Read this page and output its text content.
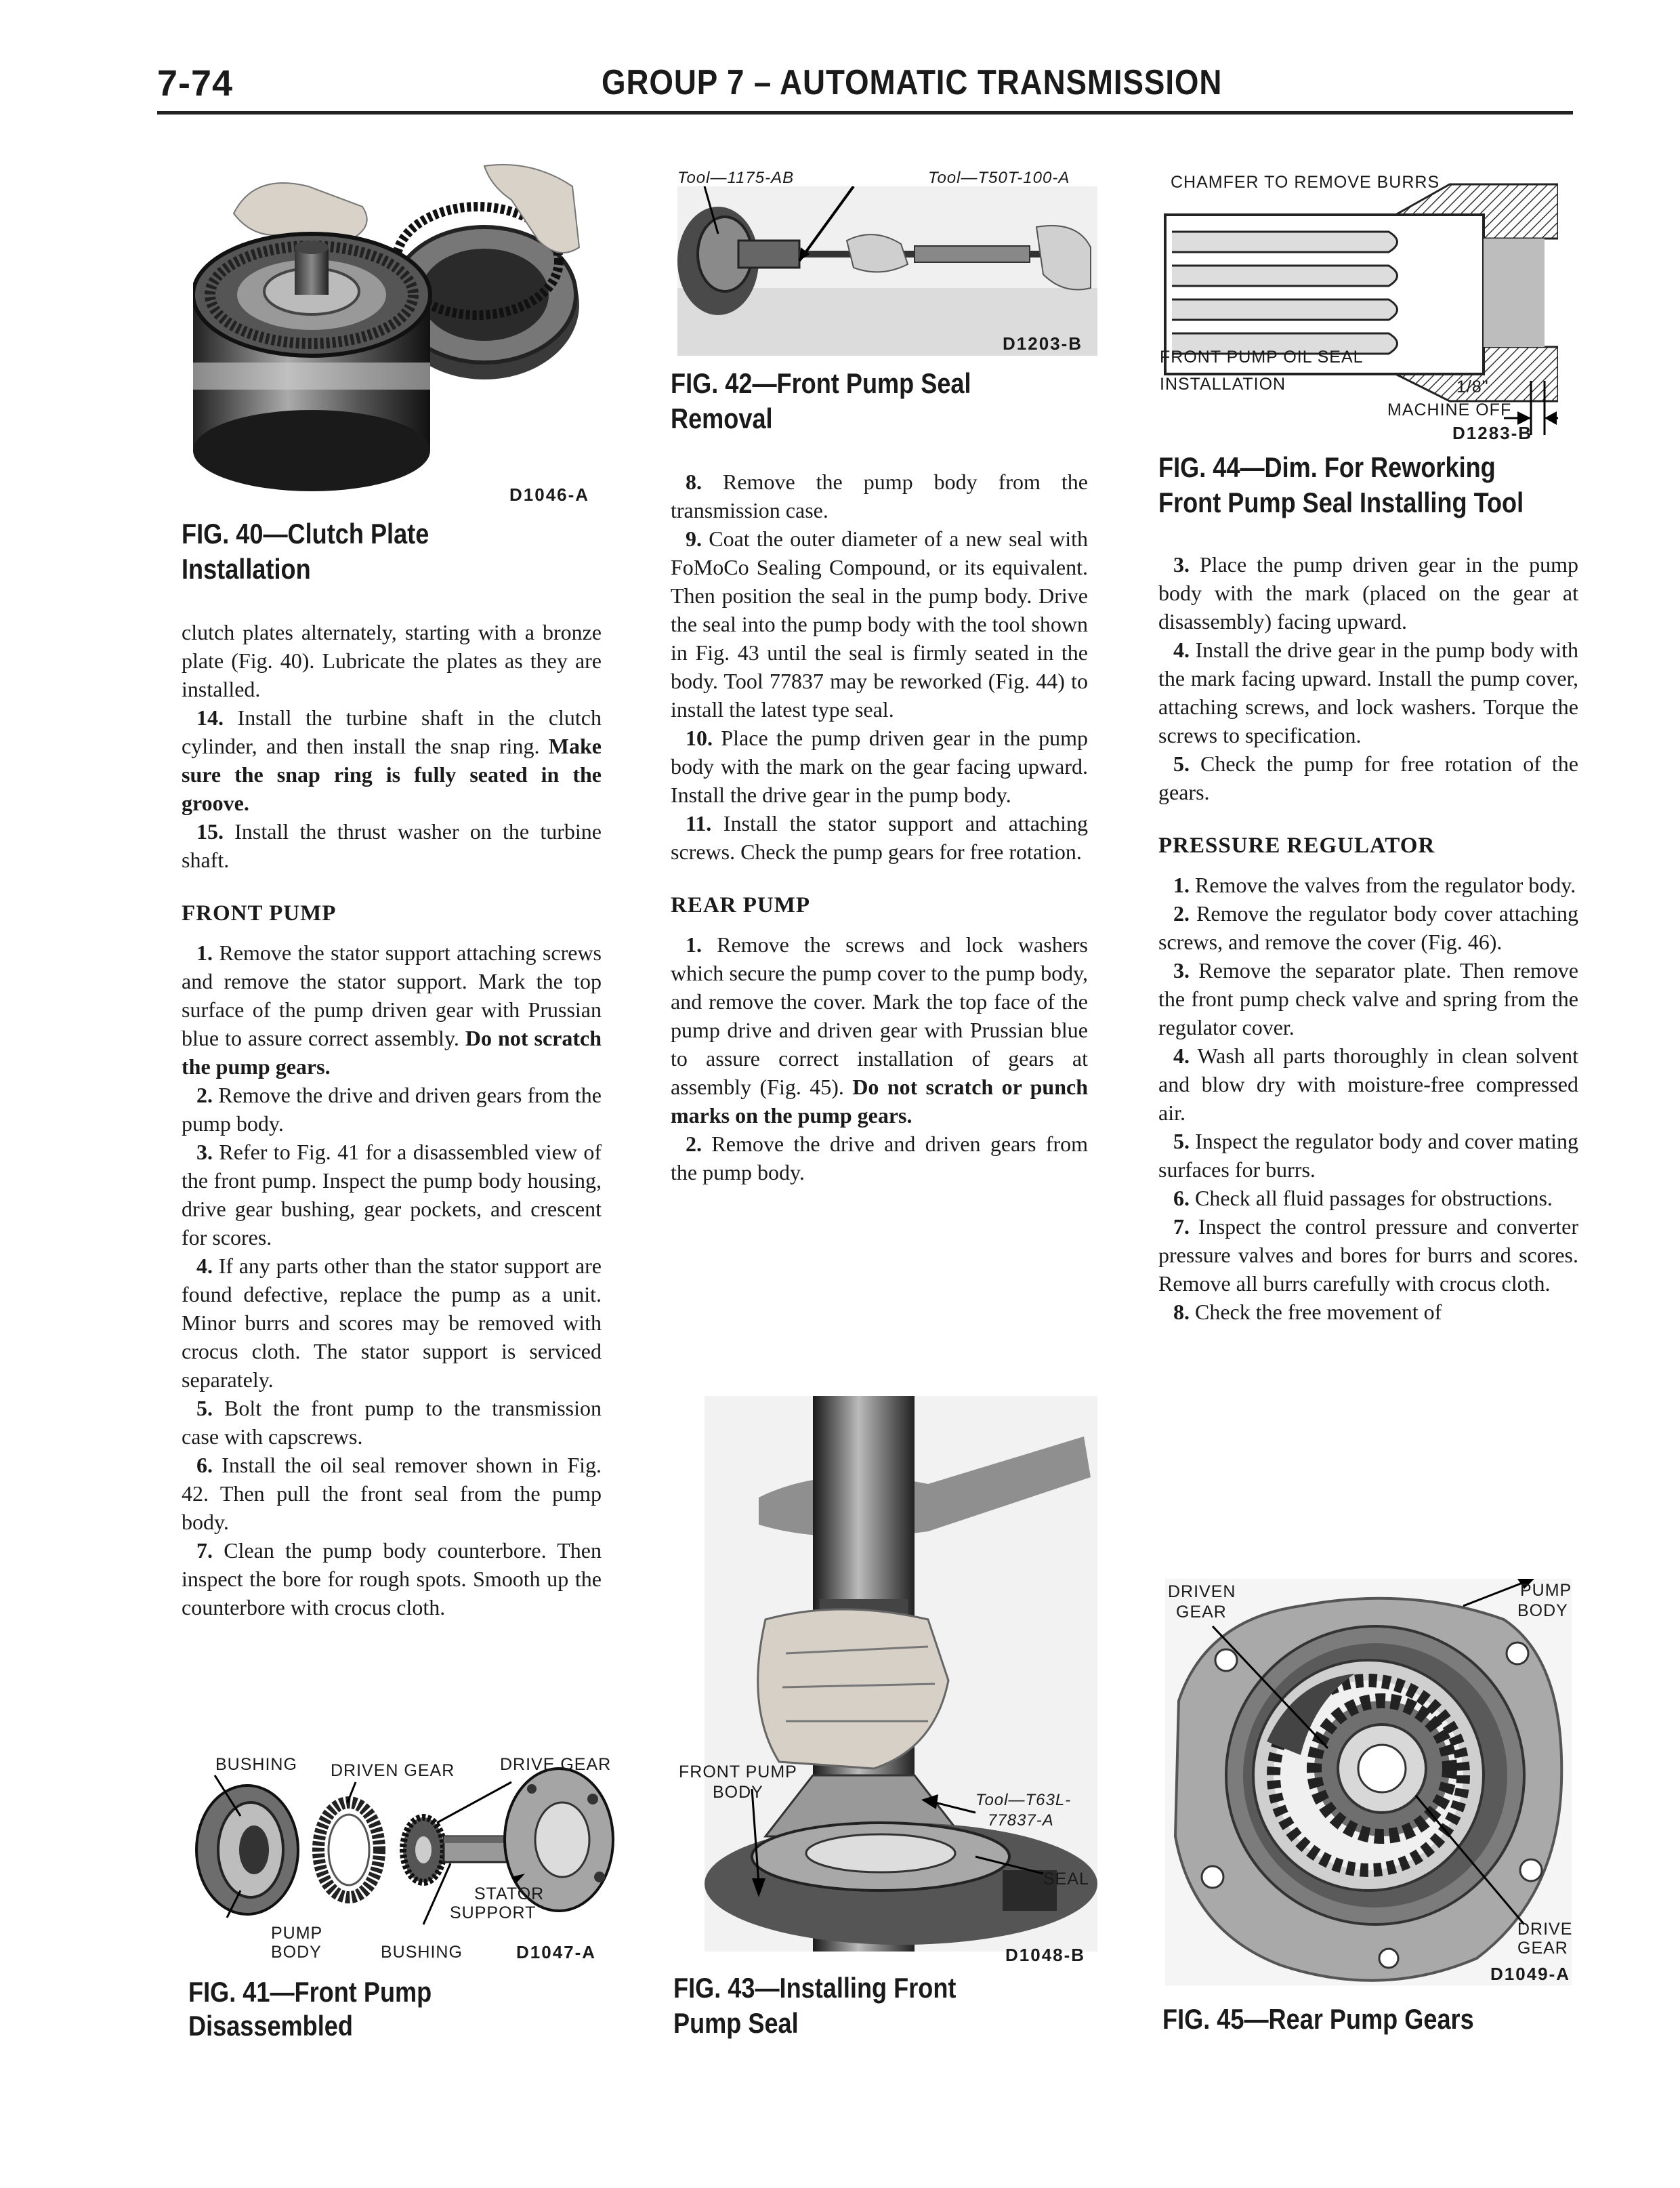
7-74	GROUP 7 – AUTOMATIC TRANSMISSION
D1046-A
FIG. 40—Clutch Plate
Installation

clutch plates alternately, starting with a bronze plate (Fig. 40). Lubricate the plates as they are installed.

14. Install the turbine shaft in the clutch cylinder, and then install the snap ring. Make sure the snap ring is fully seated in the groove.

15. Install the thrust washer on the turbine shaft.

FRONT PUMP

1. Remove the stator support attaching screws and remove the stator support. Mark the top surface of the pump driven gear with Prussian blue to assure correct assembly. Do not scratch the pump gears.

2. Remove the drive and driven gears from the pump body.

3. Refer to Fig. 41 for a disassembled view of the front pump. Inspect the pump body housing, drive gear bushing, gear pockets, and crescent for scores.

4. If any parts other than the stator support are found defective, replace the pump as a unit. Minor burrs and scores may be removed with crocus cloth. The stator support is serviced separately.

5. Bolt the front pump to the transmission case with capscrews.

6. Install the oil seal remover shown in Fig. 42. Then pull the front seal from the pump body.

7. Clean the pump body counterbore. Then inspect the bore for rough spots. Smooth up the counterbore with crocus cloth.

BUSHING DRIVEN GEAR	DRIVE GEAR
STATOR
SUPPORT
PUMP
BODY	BUSHING	D1047-A
FIG. 41—Front Pump
Disassembled
Tool—1175-AB	Tool—T50T-100-A
D1203-B
FIG. 42—Front Pump Seal
Removal

8. Remove the pump body from the transmission case.

9. Coat the outer diameter of a new seal with FoMoCo Sealing Compound, or its equivalent. Then position the seal in the pump body. Drive the seal into the pump body with the tool shown in Fig. 43 until the seal is firmly seated in the body. Tool 77837 may be reworked (Fig. 44) to install the latest type seal.

10. Place the pump driven gear in the pump body with the mark on the gear facing upward. Install the drive gear in the pump body.

11. Install the stator support and attaching screws. Check the pump gears for free rotation.

REAR PUMP

1. Remove the screws and lock washers which secure the pump cover to the pump body, and remove the cover. Mark the top face of the pump drive and driven gear with Prussian blue to assure correct installation of gears at assembly (Fig. 45). Do not scratch or punch marks on the pump gears.

2. Remove the drive and driven gears from the pump body.

FRONT PUMP
BODY	Tool—T63L-
77837-A
SEAL
D1048-B
FIG. 43—Installing Front
Pump Seal
CHAMFER TO REMOVE BURRS
FRONT PUMP OIL SEAL
INSTALLATION	1/8"
MACHINE OFF
D1283-B
FIG. 44—Dim. For Reworking
Front Pump Seal Installing Tool

3. Place the pump driven gear in the pump body with the mark (placed on the gear at disassembly) facing upward.

4. Install the drive gear in the pump body with the mark facing upward. Install the pump cover, attaching screws, and lock washers. Torque the screws to specification.

5. Check the pump for free rotation of the gears.

PRESSURE REGULATOR

1. Remove the valves from the regulator body.

2. Remove the regulator body cover attaching screws, and remove the cover (Fig. 46).

3. Remove the separator plate. Then remove the front pump check valve and spring from the regulator cover.

4. Wash all parts thoroughly in clean solvent and blow dry with moisture-free compressed air.

5. Inspect the regulator body and cover mating surfaces for burrs.

6. Check all fluid passages for obstructions.

7. Inspect the control pressure and converter pressure valves and bores for burrs and scores. Remove all burrs carefully with crocus cloth.

8. Check the free movement of

DRIVEN
GEAR
PUMP
BODY
DRIVE
GEAR
D1049-A
FIG. 45—Rear Pump Gears
